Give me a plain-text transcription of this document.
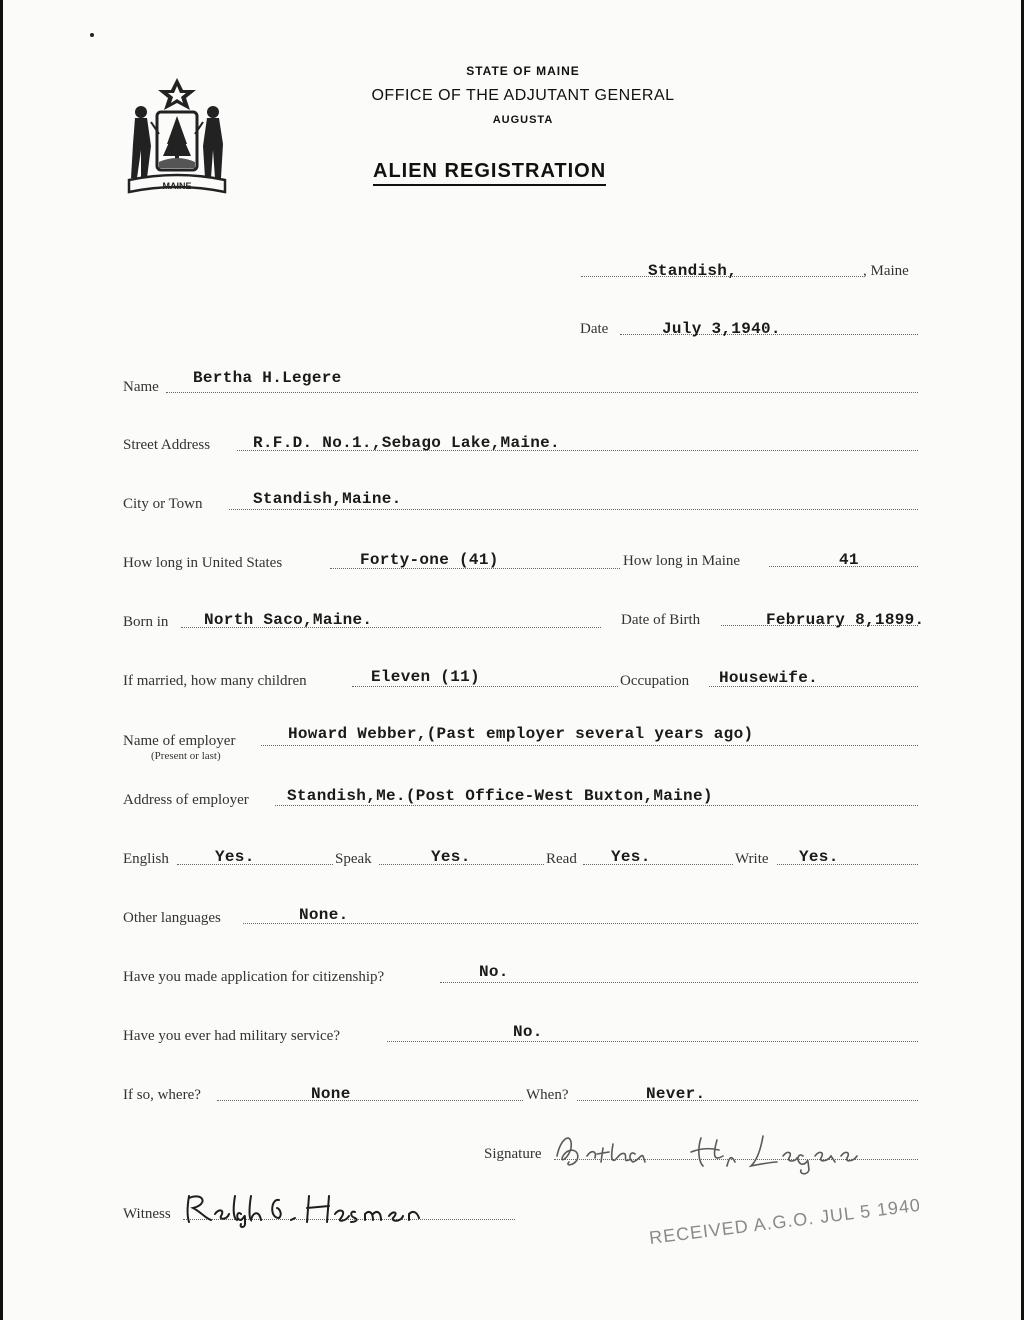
MAINE
STATE OF MAINE
OFFICE OF THE ADJUTANT GENERAL
AUGUSTA
ALIEN REGISTRATION
Standish,	, Maine
Date	July 3,1940.
Name Bertha H.Legere
Street Address	R.F.D. No.1.,Sebago Lake,Maine.
City or Town	Standish,Maine.
How long in United States	Forty-one (41)	How long in Maine	41
Born in North Saco,Maine.	Date of Birth	February 8,1899.
If married, how many children	Eleven (11)	Occupation Housewife.
Name of employer
(Present or last)
Howard Webber,(Past employer several years ago)
Address of employer Standish,Me.(Post Office-West Buxton,Maine)
English	Yes.	Speak	Yes.	Read Yes.	Write Yes.
Other languages	None.
Have you made application for citizenship?	No.
Have you ever had military service?	No.
If so, where?	None	When?	Never.
Signature
Witness	RECEIVED A.G.O. JUL 5 1940
